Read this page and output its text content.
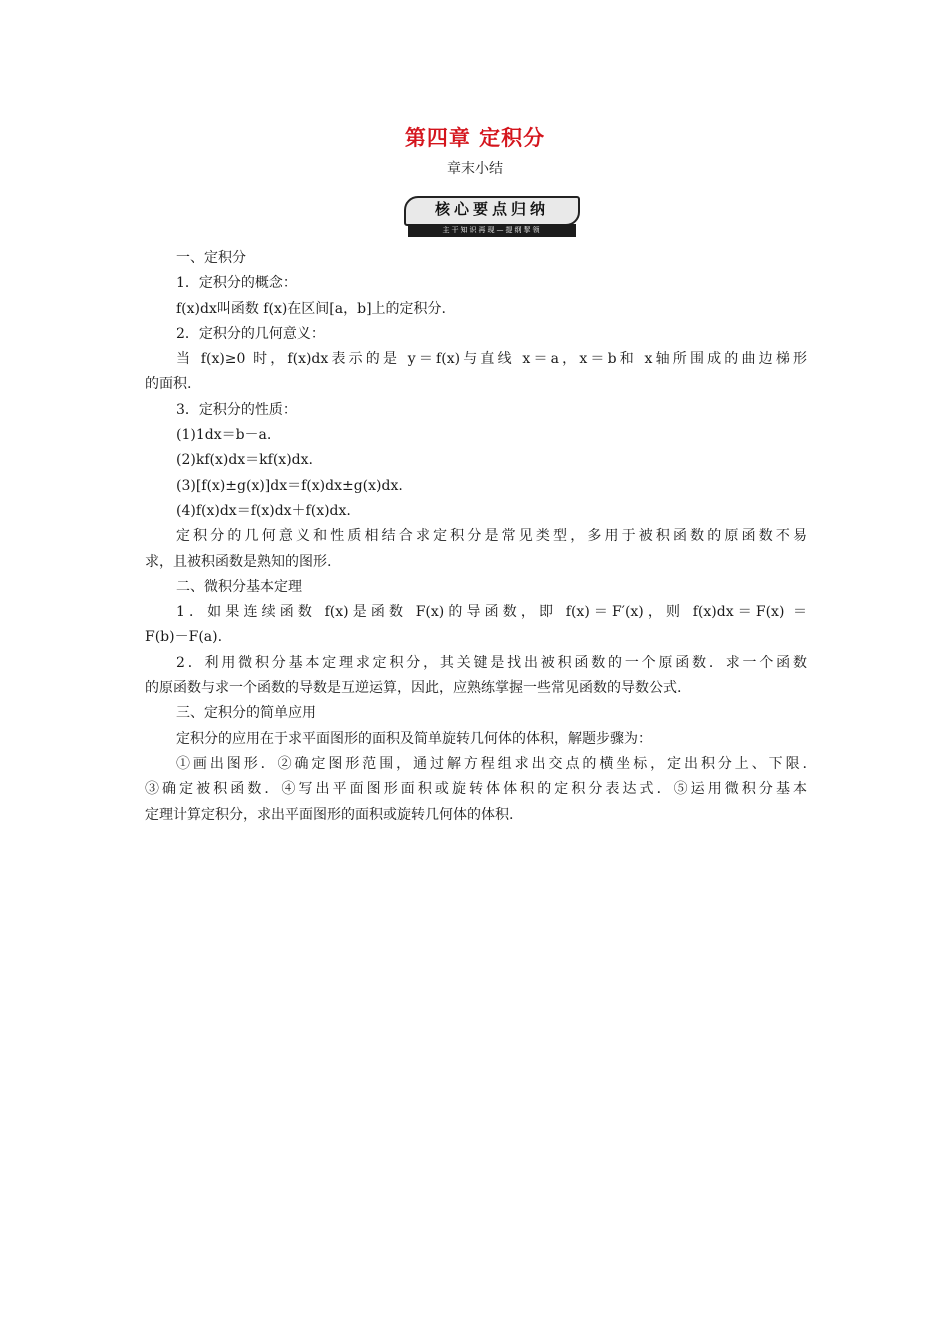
第四章 定积分
章末小结
核心要点归纳
主干知识再现—提纲挈领

一、定积分

1．定积分的概念：

f(x)dx叫函数 f(x)在区间[a，b]上的定积分.

2．定积分的几何意义：

当 f(x)≥0 时，f(x)dx表示的是 y＝f(x)与直线 x＝a，x＝b和 x轴所围成的曲边梯形

的面积.

3．定积分的性质：

(1)1dx＝b－a.

(2)kf(x)dx＝kf(x)dx.

(3)[f(x)±g(x)]dx＝f(x)dx±g(x)dx.

(4)f(x)dx＝f(x)dx＋f(x)dx.

定积分的几何意义和性质相结合求定积分是常见类型，多用于被积函数的原函数不易

求，且被积函数是熟知的图形.

二、微积分基本定理

1．如果连续函数 f(x)是函数 F(x)的导函数，即 f(x)＝F′(x)，则 f(x)dx＝F(x) ＝

F(b)－F(a).

2．利用微积分基本定理求定积分，其关键是找出被积函数的一个原函数．求一个函数

的原函数与求一个函数的导数是互逆运算，因此，应熟练掌握一些常见函数的导数公式.

三、定积分的简单应用

定积分的应用在于求平面图形的面积及简单旋转几何体的体积，解题步骤为：

①画出图形．②确定图形范围，通过解方程组求出交点的横坐标，定出积分上、下限.

③确定被积函数．④写出平面图形面积或旋转体体积的定积分表达式．⑤运用微积分基本

定理计算定积分，求出平面图形的面积或旋转几何体的体积.
